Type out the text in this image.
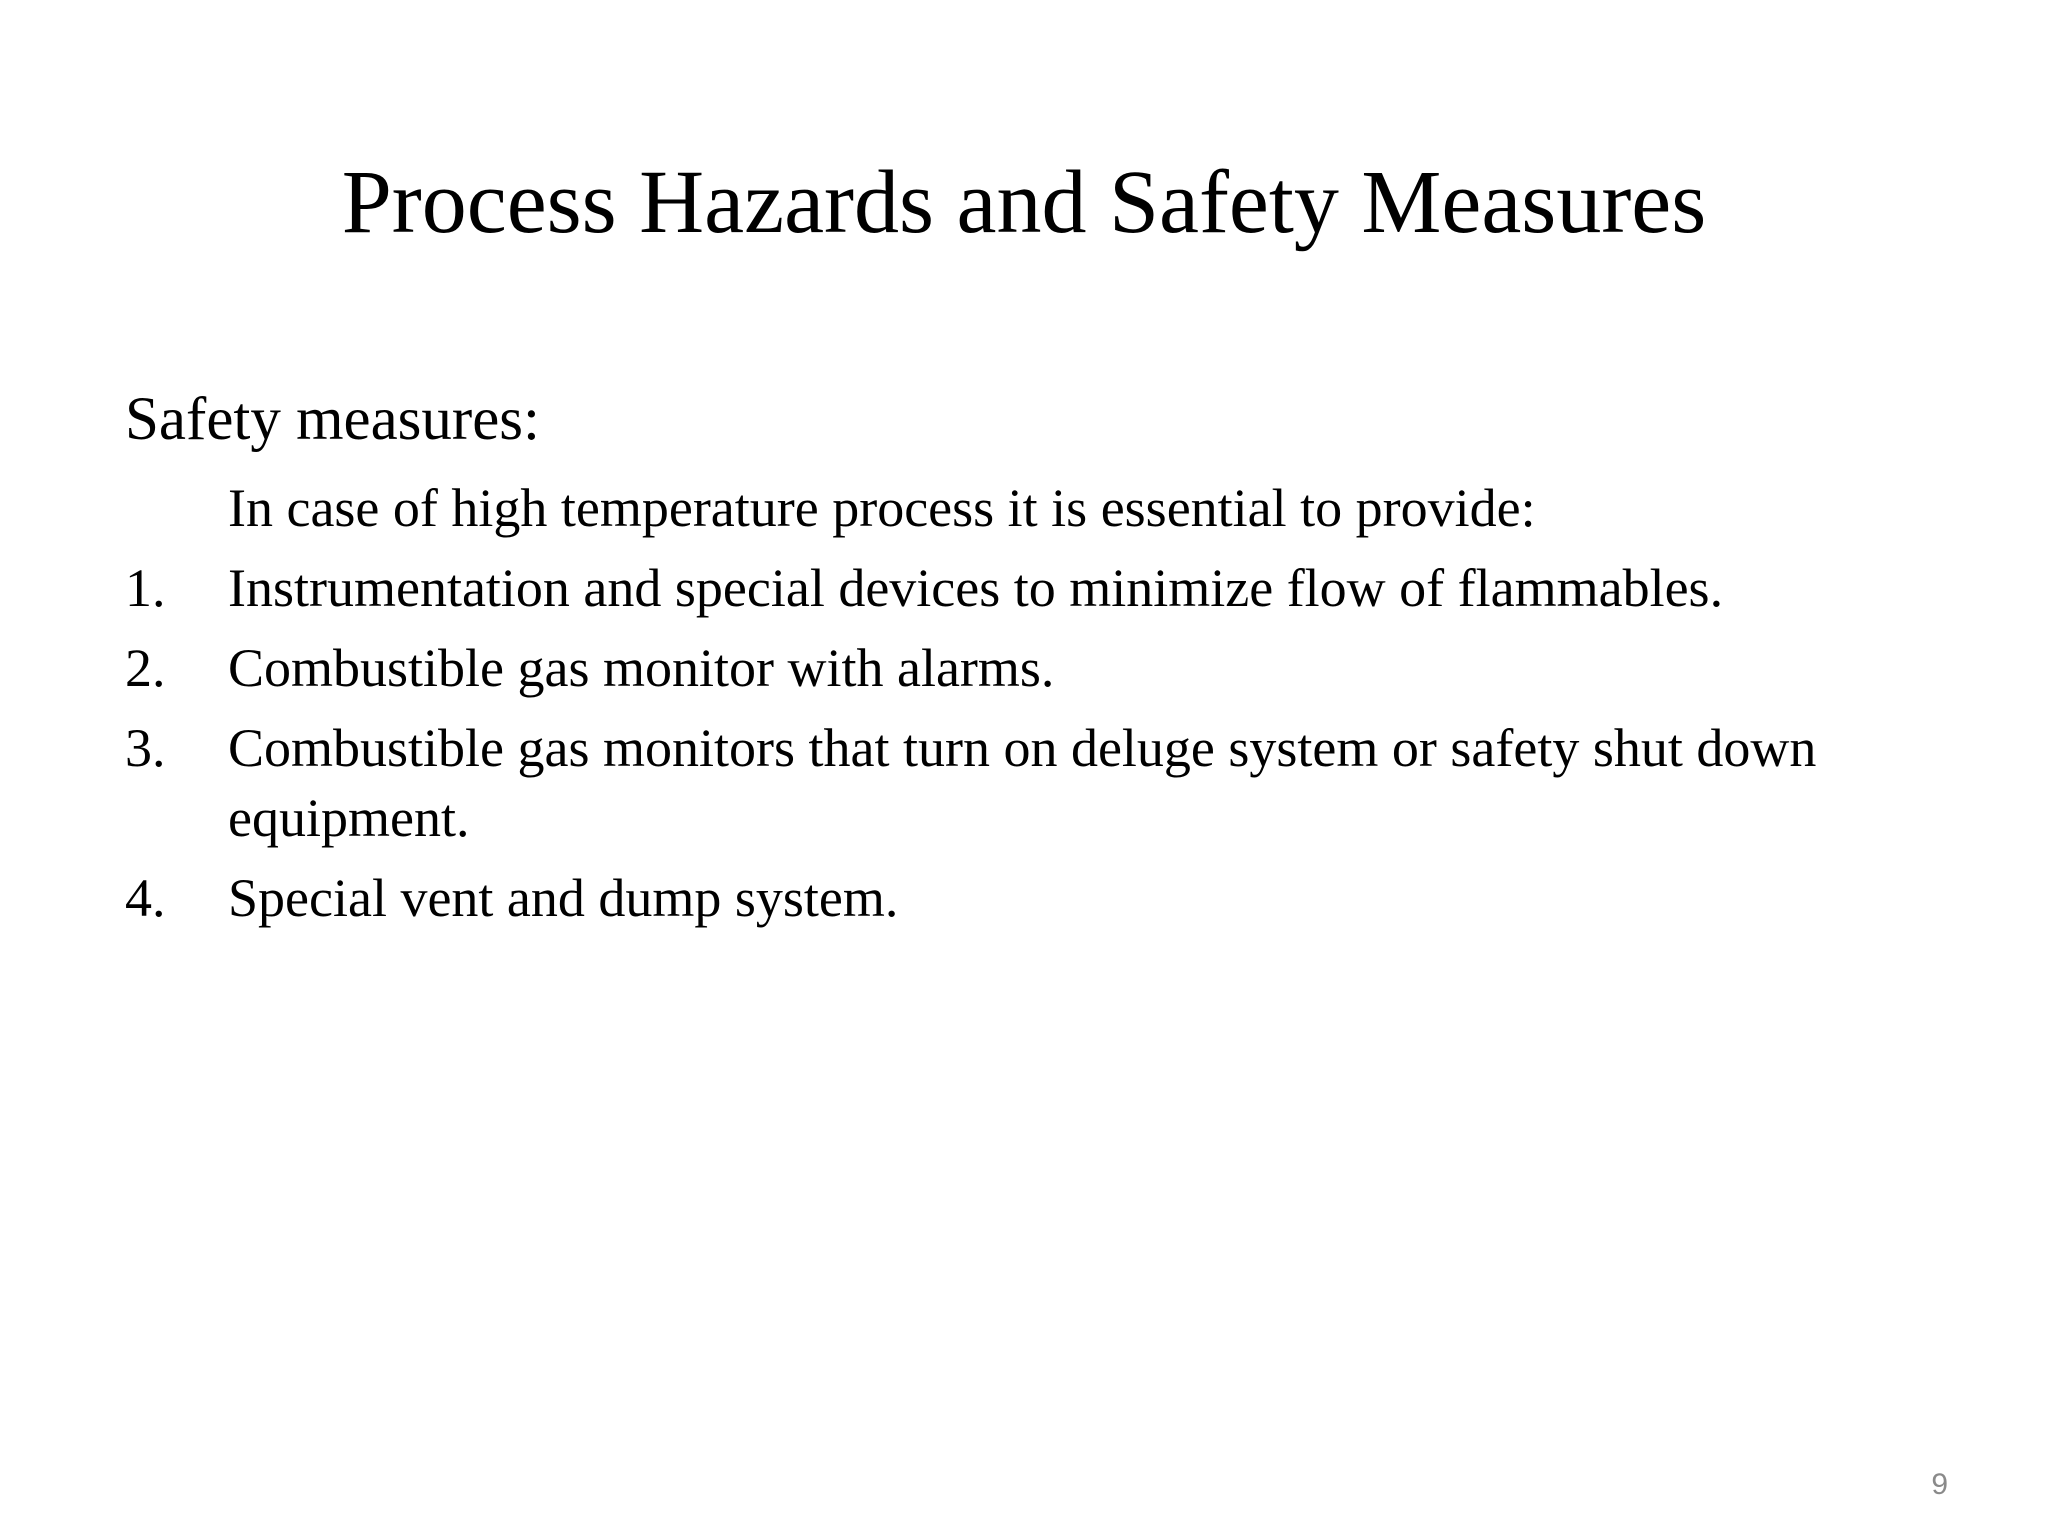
Process Hazards and Safety Measures
Safety measures:
In case of high temperature process it is essential to provide:
1. Instrumentation and special devices to minimize flow of flammables.
2. Combustible gas monitor with alarms.
3. Combustible gas monitors that turn on deluge system or safety shut down equipment.
4. Special vent and dump system.
9
